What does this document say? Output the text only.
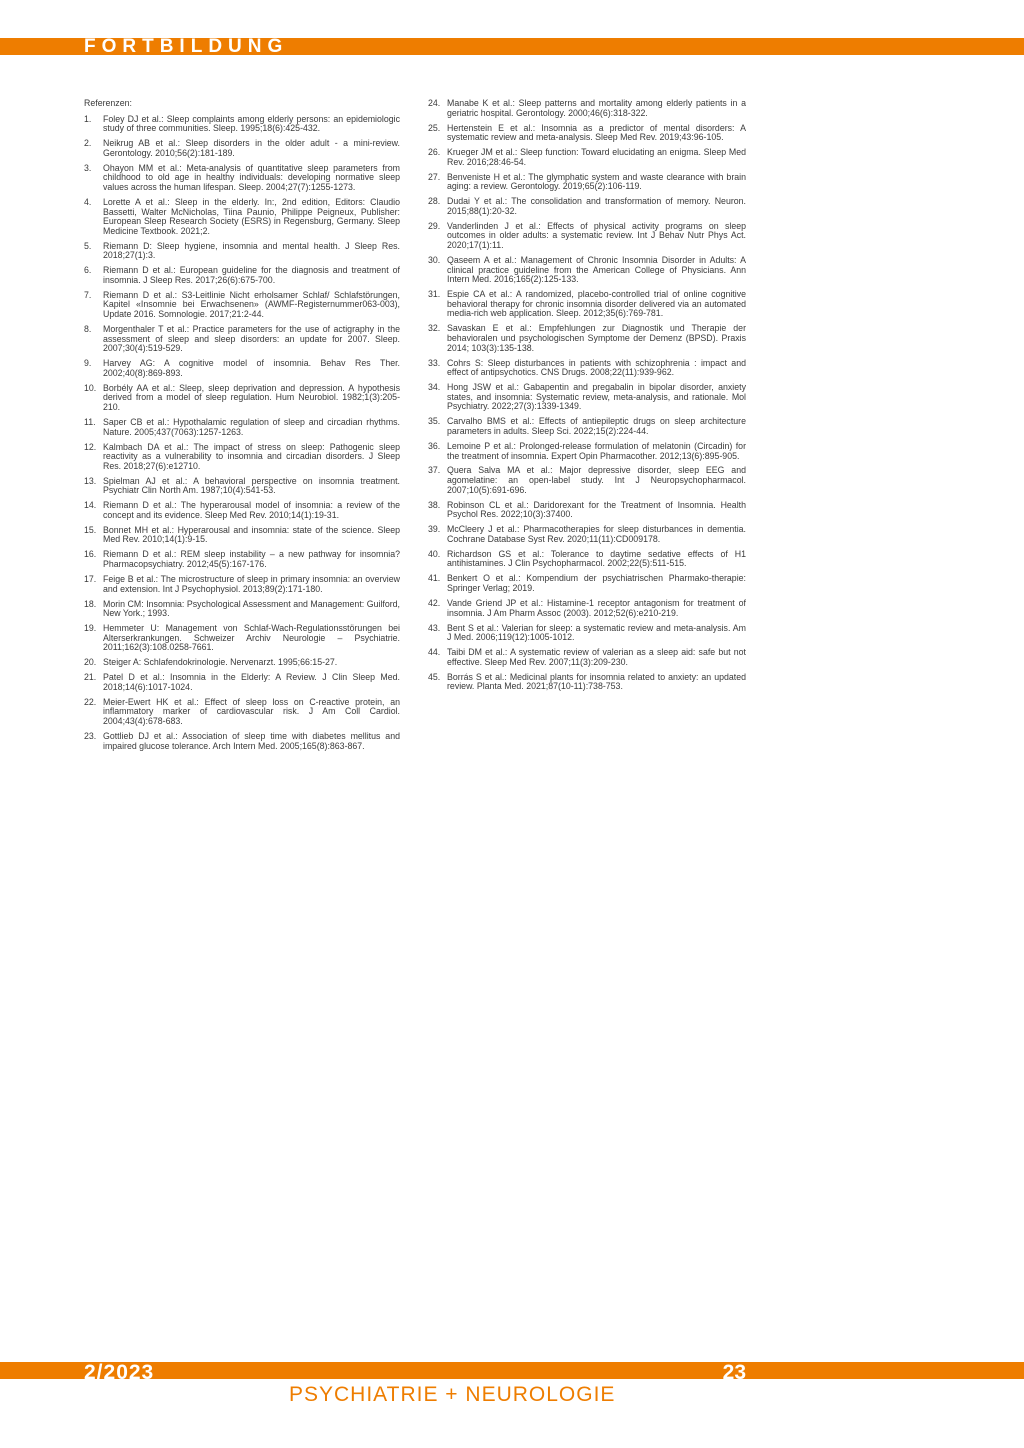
FORTBILDUNG

Referenzen:

1.	Foley DJ et al.: Sleep complaints among elderly persons: an epidemiologic study of three communities. Sleep. 1995;18(6):425-432.
2.	Neikrug AB et al.: Sleep disorders in the older adult - a mini-review. Gerontology. 2010;56(2):181-189.
3.	Ohayon MM et al.: Meta-analysis of quantitative sleep parameters from childhood to old age in healthy individuals: developing normative sleep values across the human lifespan. Sleep. 2004;27(7):1255-1273.
4.	Lorette A et al.: Sleep in the elderly. In:, 2nd edition, Editors: Claudio Bassetti, Walter McNicholas, Tiina Paunio, Philippe Peigneux, Publisher: European Sleep Research Society (ESRS) in Regensburg, Germany. Sleep Medicine Textbook. 2021;2.
5.	Riemann D: Sleep hygiene, insomnia and mental health. J Sleep Res. 2018;27(1):3.
6.	Riemann D et al.: European guideline for the diagnosis and treatment of insomnia. J Sleep Res. 2017;26(6):675-700.
7.	Riemann D et al.: S3-Leitlinie Nicht erholsamer Schlaf/ Schlafstörungen, Kapitel «Insomnie bei Erwachsenen» (AWMF-Registernummer063-003), Update 2016. Somnologie. 2017;21:2-44.
8.	Morgenthaler T et al.: Practice parameters for the use of actigraphy in the assessment of sleep and sleep disorders: an update for 2007. Sleep. 2007;30(4):519-529.
9.	Harvey AG: A cognitive model of insomnia. Behav Res Ther. 2002;40(8):869-893.
10. Borbély AA et al.: Sleep, sleep deprivation and depression. A hypothesis derived from a model of sleep regulation. Hum Neurobiol. 1982;1(3):205-210.
11. Saper CB et al.: Hypothalamic regulation of sleep and circadian rhythms. Nature. 2005;437(7063):1257-1263.
12. Kalmbach DA et al.: The impact of stress on sleep: Pathogenic sleep reactivity as a vulnerability to insomnia and circadian disorders. J Sleep Res. 2018;27(6):e12710.
13. Spielman AJ et al.: A behavioral perspective on insomnia treatment. Psychiatr Clin North Am. 1987;10(4):541-53.
14. Riemann D et al.: The hyperarousal model of insomnia: a review of the concept and its evidence. Sleep Med Rev. 2010;14(1):19-31.
15. Bonnet MH et al.: Hyperarousal and insomnia: state of the science. Sleep Med Rev. 2010;14(1):9-15.
16. Riemann D et al.: REM sleep instability – a new pathway for insomnia? Pharmacopsychiatry. 2012;45(5):167-176.
17. Feige B et al.: The microstructure of sleep in primary insomnia: an overview and extension. Int J Psychophysiol. 2013;89(2):171-180.
18. Morin CM: Insomnia: Psychological Assessment and Management: Guilford, New York.; 1993.
19. Hemmeter U: Management von Schlaf-Wach-Regulationsstörungen bei Alterserkrankungen. Schweizer Archiv Neurologie – Psychiatrie. 2011;162(3):108.0258-7661.
20. Steiger A: Schlafendokrinologie. Nervenarzt. 1995;66:15-27.
21. Patel D et al.: Insomnia in the Elderly: A Review. J Clin Sleep Med. 2018;14(6):1017-1024.
22. Meier-Ewert HK et al.: Effect of sleep loss on C-reactive protein, an inflammatory marker of cardiovascular risk. J Am Coll Cardiol. 2004;43(4):678-683.
23. Gottlieb DJ et al.: Association of sleep time with diabetes mellitus and impaired glucose tolerance. Arch Intern Med. 2005;165(8):863-867.
24. Manabe K et al.: Sleep patterns and mortality among elderly patients in a geriatric hospital. Gerontology. 2000;46(6):318-322.
25. Hertenstein E et al.: Insomnia as a predictor of mental disorders: A systematic review and meta-analysis. Sleep Med Rev. 2019;43:96-105.
26. Krueger JM et al.: Sleep function: Toward elucidating an enigma. Sleep Med Rev. 2016;28:46-54.
27. Benveniste H et al.: The glymphatic system and waste clearance with brain aging: a review. Gerontology. 2019;65(2):106-119.
28. Dudai Y et al.: The consolidation and transformation of memory. Neuron. 2015;88(1):20-32.
29. Vanderlinden J et al.: Effects of physical activity programs on sleep outcomes in older adults: a systematic review. Int J Behav Nutr Phys Act. 2020;17(1):11.
30. Qaseem A et al.: Management of Chronic Insomnia Disorder in Adults: A clinical practice guideline from the American College of Physicians. Ann Intern Med. 2016;165(2):125-133.
31. Espie CA et al.: A randomized, placebo-controlled trial of online cognitive behavioral therapy for chronic insomnia disorder delivered via an automated media-rich web application. Sleep. 2012;35(6):769-781.
32. Savaskan E et al.: Empfehlungen zur Diagnostik und Therapie der behavioralen und psychologischen Symptome der Demenz (BPSD). Praxis 2014; 103(3):135-138.
33. Cohrs S: Sleep disturbances in patients with schizophrenia : impact and effect of antipsychotics. CNS Drugs. 2008;22(11):939-962.
34. Hong JSW et al.: Gabapentin and pregabalin in bipolar disorder, anxiety states, and insomnia: Systematic review, meta-analysis, and rationale. Mol Psychiatry. 2022;27(3):1339-1349.
35. Carvalho BMS et al.: Effects of antiepileptic drugs on sleep architecture parameters in adults. Sleep Sci. 2022;15(2):224-44.
36. Lemoine P et al.: Prolonged-release formulation of melatonin (Circadin) for the treatment of insomnia. Expert Opin Pharmacother. 2012;13(6):895-905.
37. Quera Salva MA et al.: Major depressive disorder, sleep EEG and agomelatine: an open-label study. Int J Neuropsychopharmacol. 2007;10(5):691-696.
38. Robinson CL et al.: Daridorexant for the Treatment of Insomnia. Health Psychol Res. 2022;10(3):37400.
39. McCleery J et al.: Pharmacotherapies for sleep disturbances in dementia. Cochrane Database Syst Rev. 2020;11(11):CD009178.
40. Richardson GS et al.: Tolerance to daytime sedative effects of H1 antihistamines. J Clin Psychopharmacol. 2002;22(5):511-515.
41. Benkert O et al.: Kompendium der psychiatrischen Pharmako-therapie: Springer Verlag; 2019.
42. Vande Griend JP et al.: Histamine-1 receptor antagonism for treatment of insomnia. J Am Pharm Assoc (2003). 2012;52(6):e210-219.
43. Bent S et al.: Valerian for sleep: a systematic review and meta-analysis. Am J Med. 2006;119(12):1005-1012.
44. Taibi DM et al.: A systematic review of valerian as a sleep aid: safe but not effective. Sleep Med Rev. 2007;11(3):209-230.
45. Borrás S et al.: Medicinal plants for insomnia related to anxiety: an updated review. Planta Med. 2021;87(10-11):738-753.
2/2023	23
PSYCHIATRIE + NEUROLOGIE
